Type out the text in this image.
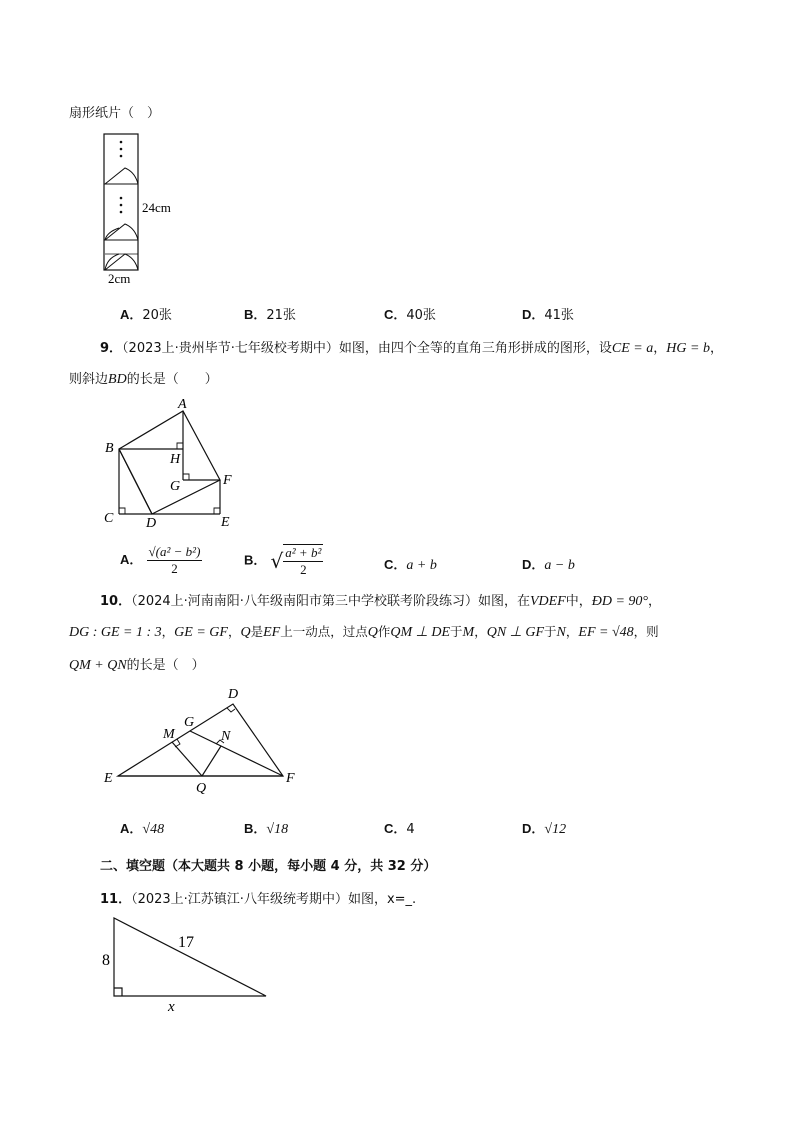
扇形纸片（　）
24cm
2cm
A．20张	B．21张	C．40张	D．41张
9．（2023上·贵州毕节·七年级校考期中）如图，由四个全等的直角三角形拼成的图形，设CE = a，HG = b，
则斜边BD的长是（　　）
A
B
H
G	F
C D	E
A． $\frac{\text{√(a² − b²)}}{2}$	B． √ $\frac{\text{a² + b²}}{2}$	C．a + b	D．a − b
10．（2024上·河南南阳·八年级南阳市第三中学校联考阶段练习）如图，在VDEF中，ÐD = 90°，
DG : GE = 1 : 3，GE = GF，Q是EF上一动点，过点Q作QM ⊥ DE于M，QN ⊥ GF于N，EF = √48，则
QM + QN的长是（　）
D
G
M	N
E
Q
F
A．√48	B．√18	C．4	D．√12
二、填空题（本大题共 8 小题，每小题 4 分，共 32 分）
11．（2023上·江苏镇江·八年级统考期中）如图，x=_.
17
8
x
